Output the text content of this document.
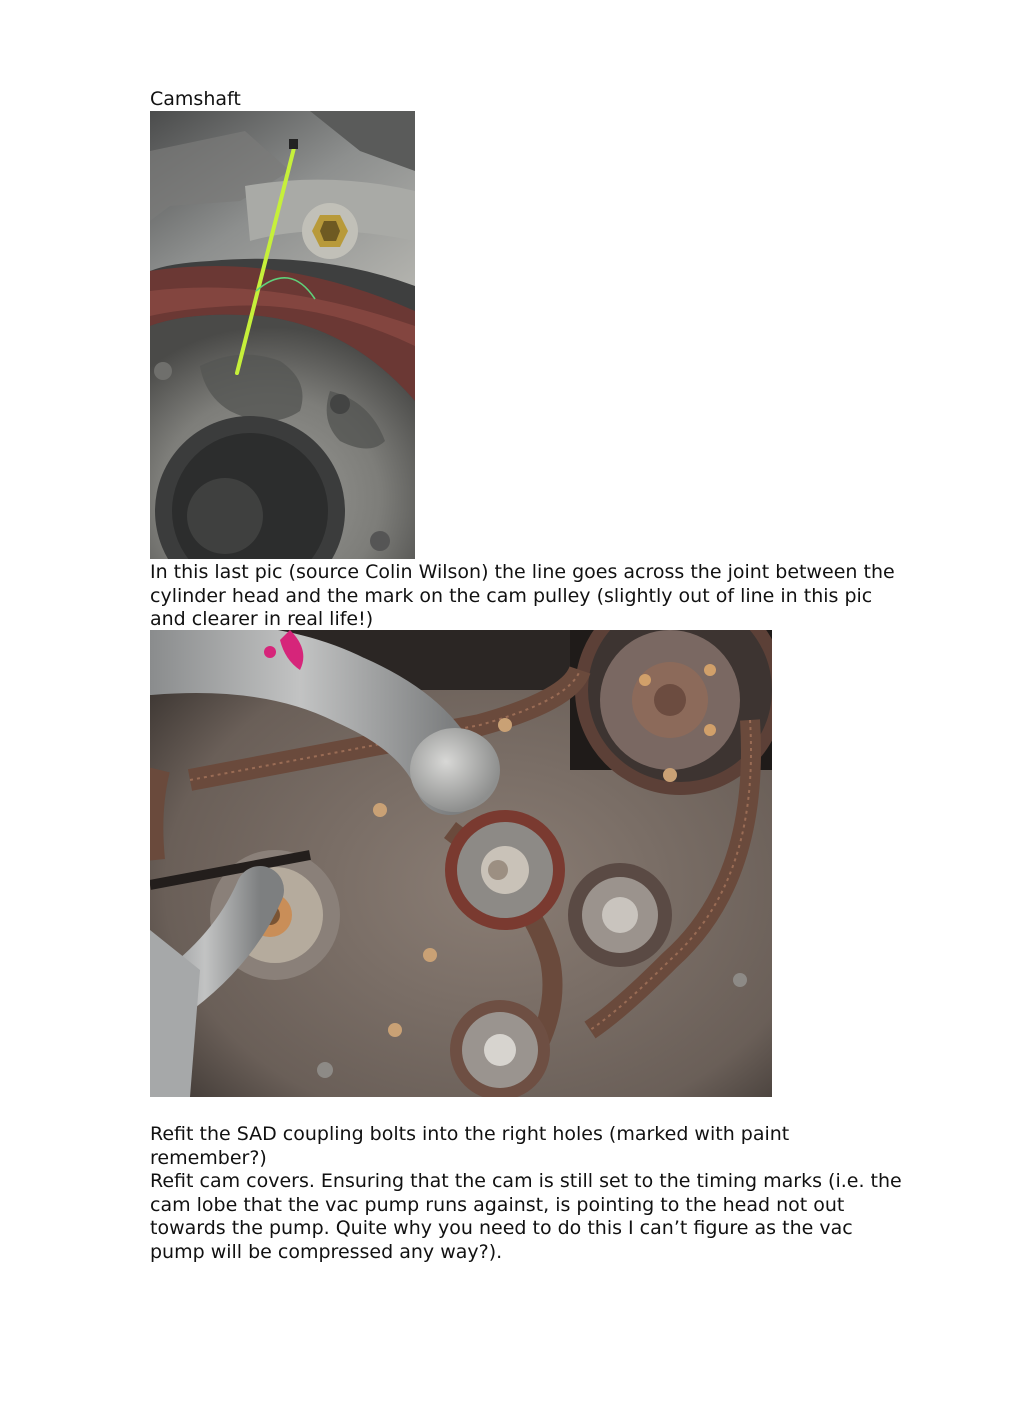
Camshaft

In this last pic (source Colin Wilson) the line goes across the joint between the cylinder head and the mark on the cam pulley (slightly out of line in this pic and clearer in real life!)

Refit the SAD coupling bolts into the right holes (marked with paint remember?)

Refit cam covers. Ensuring that the cam is still set to the timing marks (i.e. the cam lobe that the vac pump runs against, is pointing to the head not out towards the pump. Quite why you need to do this I can’t figure as the vac pump will be compressed any way?).
